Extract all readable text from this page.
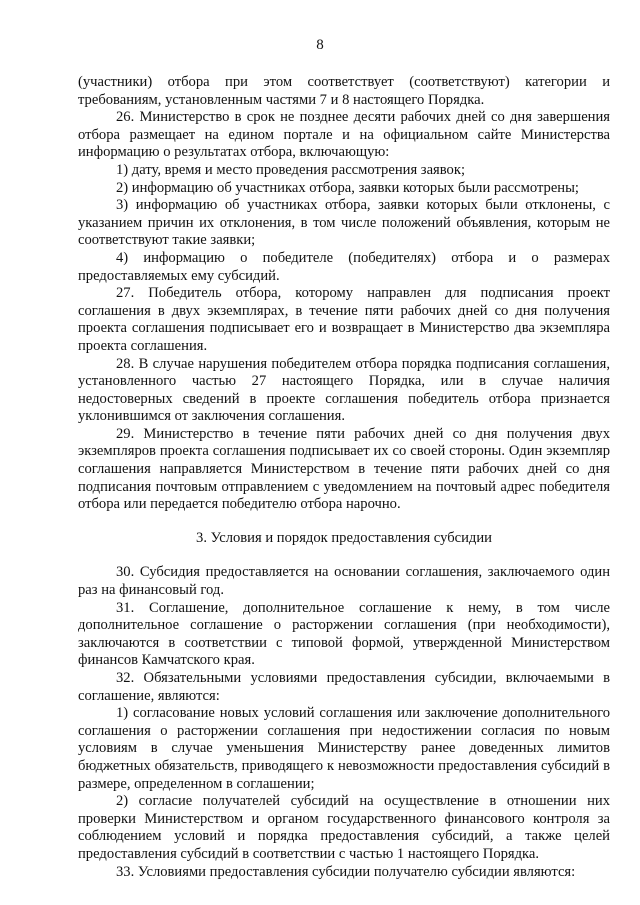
8

(участники) отбора при этом соответствует (соответствуют) категории и требованиям, установленным частями 7 и 8 настоящего Порядка.

26. Министерство в срок не позднее десяти рабочих дней со дня завершения отбора размещает на едином портале и на официальном сайте Министерства информацию о результатах отбора, включающую:

1) дату, время и место проведения рассмотрения заявок;

2) информацию об участниках отбора, заявки которых были рассмотрены;

3) информацию об участниках отбора, заявки которых были отклонены, с указанием причин их отклонения, в том числе положений объявления, которым не соответствуют такие заявки;

4) информацию о победителе (победителях) отбора и о размерах предоставляемых ему субсидий.

27. Победитель отбора, которому направлен для подписания проект соглашения в двух экземплярах, в течение пяти рабочих дней со дня получения проекта соглашения подписывает его и возвращает в Министерство два экземпляра проекта соглашения.

28. В случае нарушения победителем отбора порядка подписания соглашения, установленного частью 27 настоящего Порядка, или в случае наличия недостоверных сведений в проекте соглашения победитель отбора признается уклонившимся от заключения соглашения.

29. Министерство в течение пяти рабочих дней со дня получения двух экземпляров проекта соглашения подписывает их со своей стороны. Один экземпляр соглашения направляется Министерством в течение пяти рабочих дней со дня подписания почтовым отправлением с уведомлением на почтовый адрес победителя отбора или передается победителю отбора нарочно.

3. Условия и порядок предоставления субсидии

30. Субсидия предоставляется на основании соглашения, заключаемого один раз на финансовый год.

31. Соглашение, дополнительное соглашение к нему, в том числе дополнительное соглашение о расторжении соглашения (при необходимости), заключаются в соответствии с типовой формой, утвержденной Министерством финансов Камчатского края.

32. Обязательными условиями предоставления субсидии, включаемыми в соглашение, являются:

1) согласование новых условий соглашения или заключение дополнительного соглашения о расторжении соглашения при недостижении согласия по новым условиям в случае уменьшения Министерству ранее доведенных лимитов бюджетных обязательств, приводящего к невозможности предоставления субсидий в размере, определенном в соглашении;

2) согласие получателей субсидий на осуществление в отношении них проверки Министерством и органом государственного финансового контроля за соблюдением условий и порядка предоставления субсидий, а также целей предоставления субсидий в соответствии с частью 1 настоящего Порядка.

33. Условиями предоставления субсидии получателю субсидии являются:
